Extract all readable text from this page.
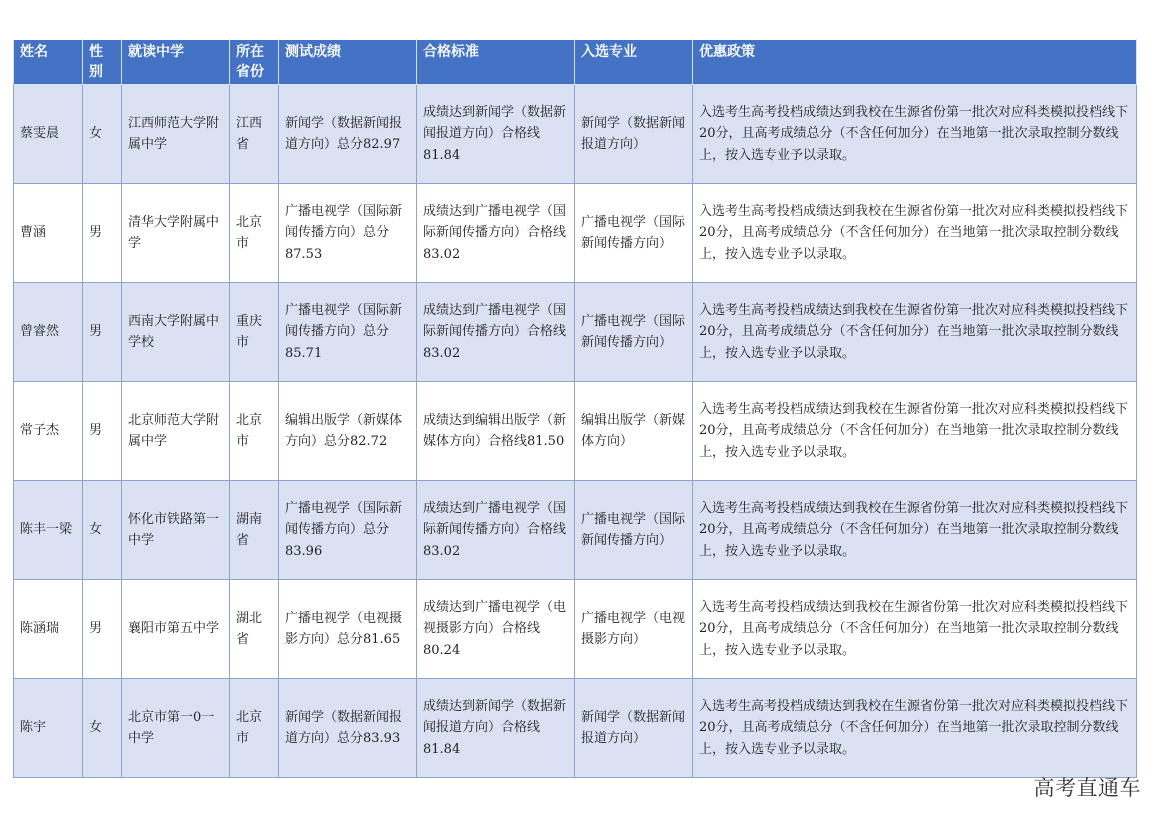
姓名	性别	就读中学	所在省份	测试成绩	合格标准	入选专业	优惠政策
蔡雯晨	女	江西师范大学附属中学	江西省	新闻学（数据新闻报道方向）总分82.97	成绩达到新闻学（数据新闻报道方向）合格线81.84	新闻学（数据新闻报道方向）	入选考生高考投档成绩达到我校在生源省份第一批次对应科类模拟投档线下20分，且高考成绩总分（不含任何加分）在当地第一批次录取控制分数线上，按入选专业予以录取。
曹涵	男	清华大学附属中学	北京市	广播电视学（国际新闻传播方向）总分87.53	成绩达到广播电视学（国际新闻传播方向）合格线83.02	广播电视学（国际新闻传播方向）	入选考生高考投档成绩达到我校在生源省份第一批次对应科类模拟投档线下20分，且高考成绩总分（不含任何加分）在当地第一批次录取控制分数线上，按入选专业予以录取。
曾睿然	男	西南大学附属中学校	重庆市	广播电视学（国际新闻传播方向）总分85.71	成绩达到广播电视学（国际新闻传播方向）合格线83.02	广播电视学（国际新闻传播方向）	入选考生高考投档成绩达到我校在生源省份第一批次对应科类模拟投档线下20分，且高考成绩总分（不含任何加分）在当地第一批次录取控制分数线上，按入选专业予以录取。
常子杰	男	北京师范大学附属中学	北京市	编辑出版学（新媒体方向）总分82.72	成绩达到编辑出版学（新媒体方向）合格线81.50	编辑出版学（新媒体方向）	入选考生高考投档成绩达到我校在生源省份第一批次对应科类模拟投档线下20分，且高考成绩总分（不含任何加分）在当地第一批次录取控制分数线上，按入选专业予以录取。
陈丰一梁	女	怀化市铁路第一中学	湖南省	广播电视学（国际新闻传播方向）总分83.96	成绩达到广播电视学（国际新闻传播方向）合格线83.02	广播电视学（国际新闻传播方向）	入选考生高考投档成绩达到我校在生源省份第一批次对应科类模拟投档线下20分，且高考成绩总分（不含任何加分）在当地第一批次录取控制分数线上，按入选专业予以录取。
陈涵瑞	男	襄阳市第五中学	湖北省	广播电视学（电视摄影方向）总分81.65	成绩达到广播电视学（电视摄影方向）合格线80.24	广播电视学（电视摄影方向）	入选考生高考投档成绩达到我校在生源省份第一批次对应科类模拟投档线下20分，且高考成绩总分（不含任何加分）在当地第一批次录取控制分数线上，按入选专业予以录取。
陈宇	女	北京市第一0一中学	北京市	新闻学（数据新闻报道方向）总分83.93	成绩达到新闻学（数据新闻报道方向）合格线81.84	新闻学（数据新闻报道方向）	入选考生高考投档成绩达到我校在生源省份第一批次对应科类模拟投档线下20分，且高考成绩总分（不含任何加分）在当地第一批次录取控制分数线上，按入选专业予以录取。
高考直通车
